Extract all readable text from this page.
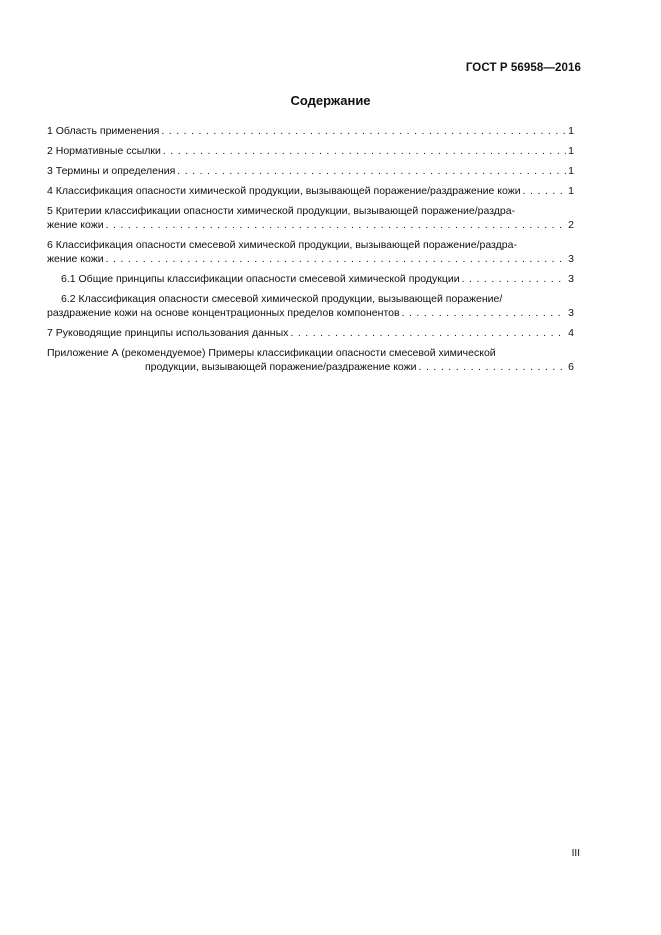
ГОСТ Р 56958—2016
Содержание
1 Область применения . . .	1
2 Нормативные ссылки . . .	1
3 Термины и определения . . .	1
4 Классификация опасности химической продукции, вызывающей поражение/раздражение кожи . . .	1
5 Критерии классификации опасности химической продукции, вызывающей поражение/раздра-
жение кожи . . .	2
6 Классификация опасности смесевой химической продукции, вызывающей поражение/раздра-
жение кожи . . .	3
6.1 Общие принципы классификации опасности смесевой химической продукции . . .	3
6.2 Классификация опасности смесевой химической продукции, вызывающей поражение/
раздражение кожи на основе концентрационных пределов компонентов . . .	3
7 Руководящие принципы использования данных . . .	4
Приложение А (рекомендуемое) Примеры классификации опасности смесевой химической
продукции, вызывающей поражение/раздражение кожи . . .	6
III
